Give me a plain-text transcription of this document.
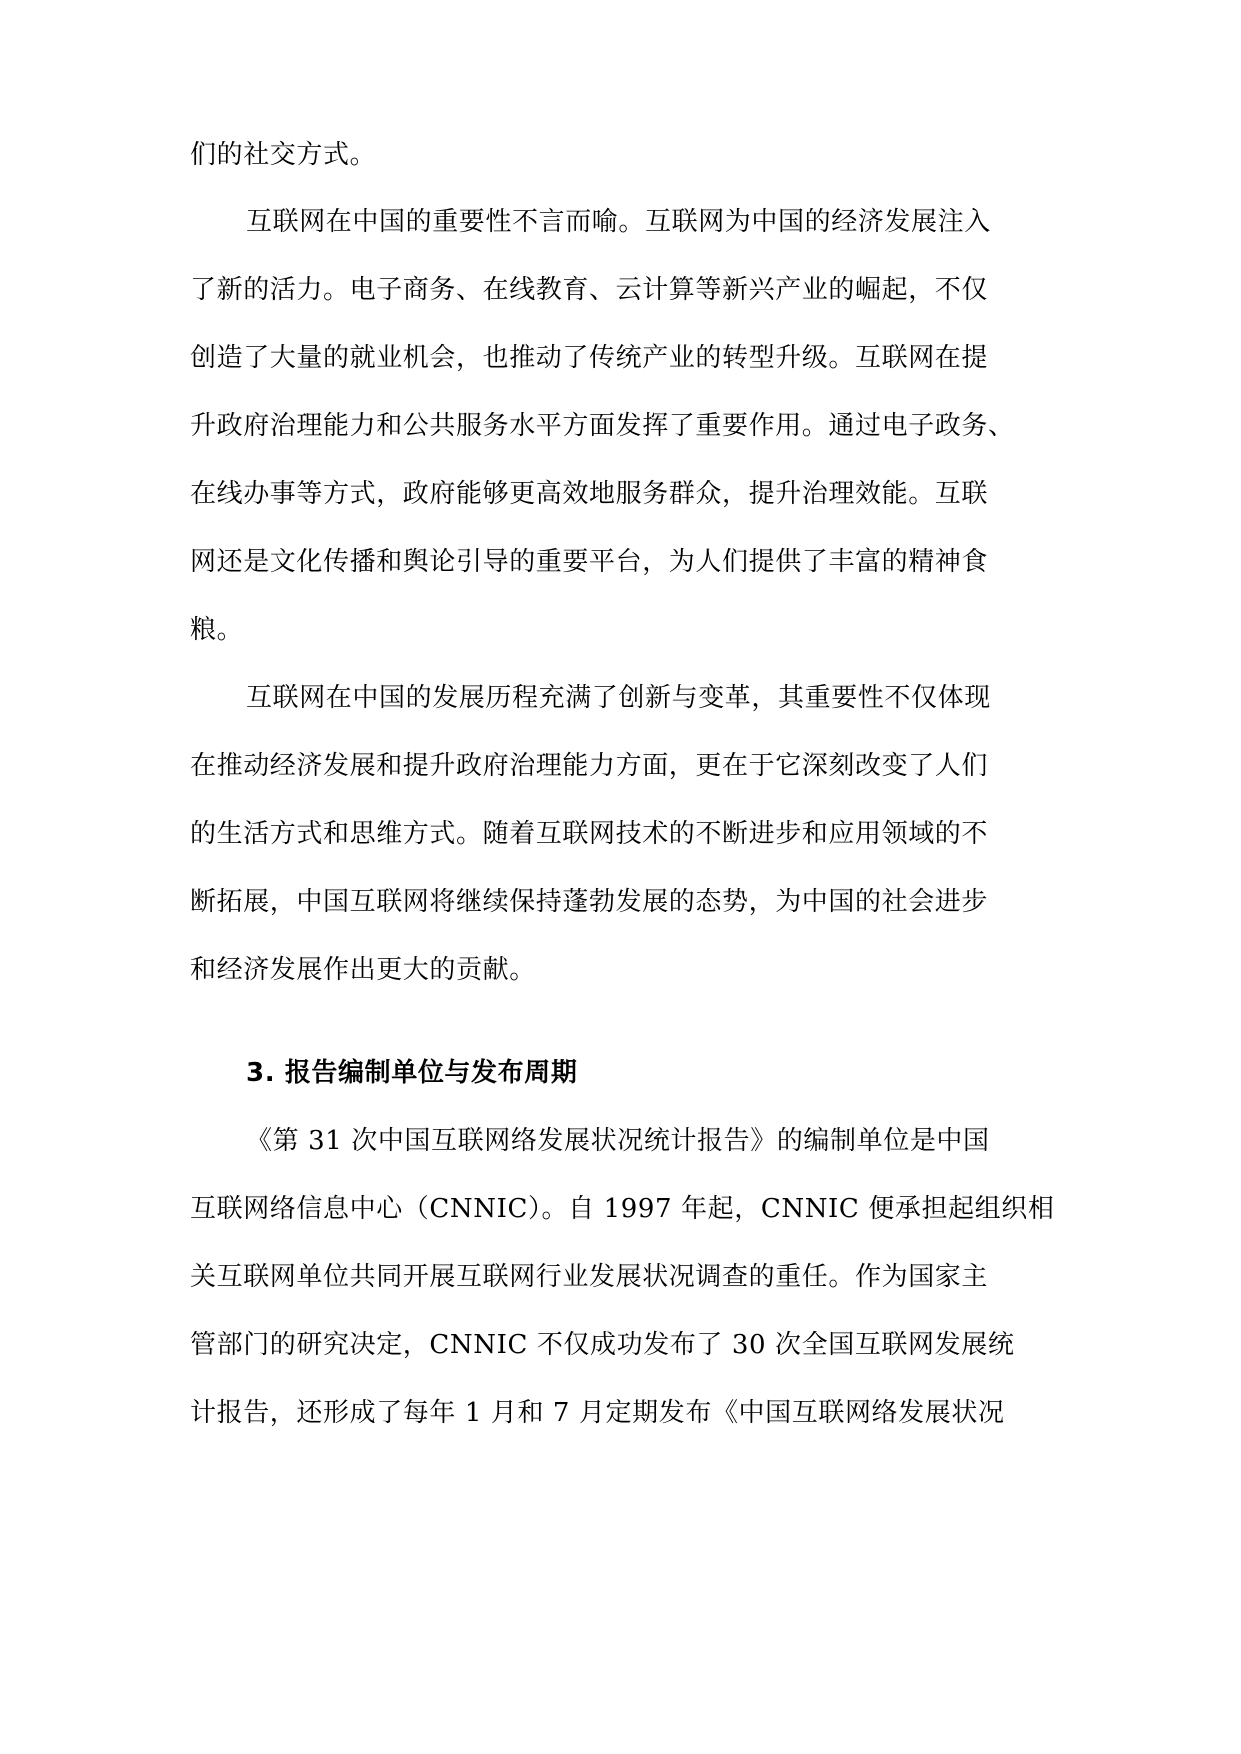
们的社交方式。
互联网在中国的重要性不言而喻。互联网为中国的经济发展注入
了新的活力。电子商务、在线教育、云计算等新兴产业的崛起，不仅
创造了大量的就业机会，也推动了传统产业的转型升级。互联网在提
升政府治理能力和公共服务水平方面发挥了重要作用。通过电子政务、
在线办事等方式，政府能够更高效地服务群众，提升治理效能。互联
网还是文化传播和舆论引导的重要平台，为人们提供了丰富的精神食
粮。
互联网在中国的发展历程充满了创新与变革，其重要性不仅体现
在推动经济发展和提升政府治理能力方面，更在于它深刻改变了人们
的生活方式和思维方式。随着互联网技术的不断进步和应用领域的不
断拓展，中国互联网将继续保持蓬勃发展的态势，为中国的社会进步
和经济发展作出更大的贡献。
3. 报告编制单位与发布周期
《第 31 次中国互联网络发展状况统计报告》的编制单位是中国
互联网络信息中心（CNNIC）。自 1997 年起，CNNIC 便承担起组织相
关互联网单位共同开展互联网行业发展状况调查的重任。作为国家主
管部门的研究决定，CNNIC 不仅成功发布了 30 次全国互联网发展统
计报告，还形成了每年 1 月和 7 月定期发布《中国互联网络发展状况
